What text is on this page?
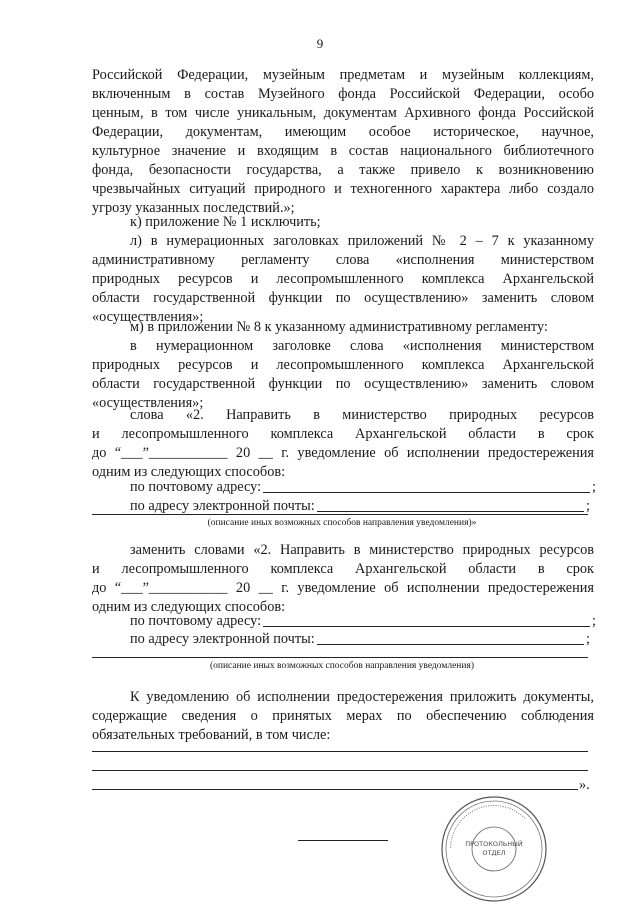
9
Российской Федерации, музейным предметам и музейным коллекциям,
включенным в состав Музейного фонда Российской Федерации, особо
ценным, в том числе уникальным, документам Архивного фонда Российской
Федерации, документам, имеющим особое историческое, научное,
культурное значение и входящим в состав национального библиотечного
фонда, безопасности государства, а также привело к возникновению
чрезвычайных ситуаций природного и техногенного характера либо создало
угрозу указанных последствий.»;
к) приложение № 1 исключить;
л) в нумерационных заголовках приложений № 2 – 7 к указанному
административному регламенту слова «исполнения министерством
природных ресурсов и лесопромышленного комплекса Архангельской
области государственной функции по осуществлению» заменить словом
«осуществления»;
м) в приложении № 8 к указанному административному регламенту:
в нумерационном заголовке слова «исполнения министерством
природных ресурсов и лесопромышленного комплекса Архангельской
области государственной функции по осуществлению» заменить словом
«осуществления»;
слова «2. Направить в министерство природных ресурсов
и лесопромышленного комплекса Архангельской области в срок
до “___”___________ 20 __ г. уведомление об исполнении предостережения
одним из следующих способов:
по почтовому адресу:	;
по адресу электронной почты:	;
(описание иных возможных способов направления уведомления)»
заменить словами «2. Направить в министерство природных ресурсов
и лесопромышленного комплекса Архангельской области в срок
до “___”___________ 20 __ г. уведомление об исполнении предостережения
одним из следующих способов:
по почтовому адресу:	;
по адресу электронной почты:	;
(описание иных возможных способов направления уведомления)
К уведомлению об исполнении предостережения приложить документы,
содержащие сведения о принятых мерах по обеспечению соблюдения
обязательных требований, в том числе:
».
••••••••••••••••••••••••••••••••••••••••••
ПРОТОКОЛЬНЫЙ
ОТДЕЛ
